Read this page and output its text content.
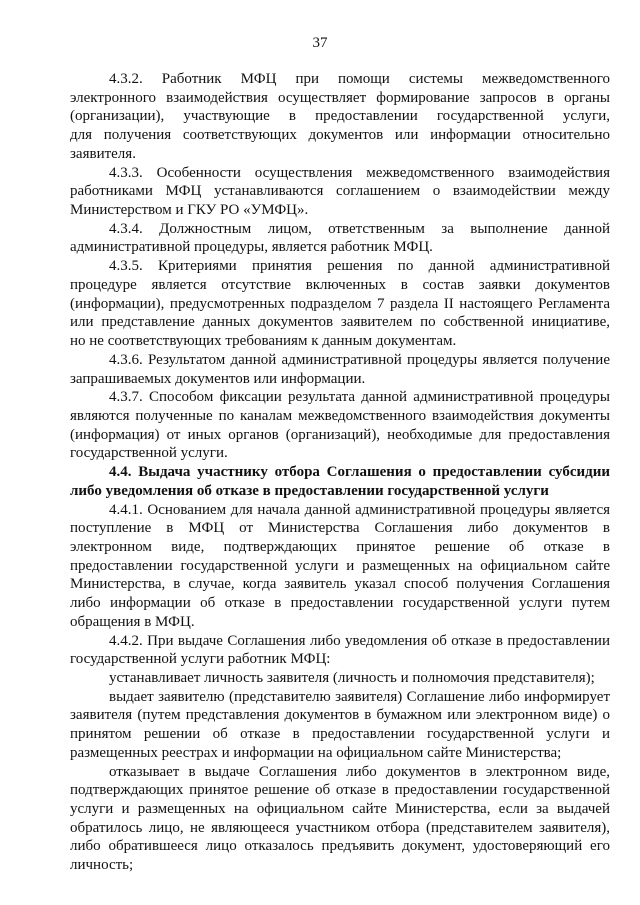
37
4.3.2. Работник МФЦ при помощи системы межведомственного
электронного взаимодействия осуществляет формирование запросов в органы
(организации), участвующие в предоставлении государственной услуги,
для получения соответствующих документов или информации относительно
заявителя.
4.3.3. Особенности осуществления межведомственного взаимодействия
работниками МФЦ устанавливаются соглашением о взаимодействии между
Министерством и ГКУ РО «УМФЦ».
4.3.4. Должностным лицом, ответственным за выполнение данной
административной процедуры, является работник МФЦ.
4.3.5. Критериями принятия решения по данной административной
процедуре является отсутствие включенных в состав заявки документов
(информации), предусмотренных подразделом 7 раздела II настоящего Регламента
или представление данных документов заявителем по собственной инициативе,
но не соответствующих требованиям к данным документам.
4.3.6. Результатом данной административной процедуры является получение
запрашиваемых документов или информации.
4.3.7. Способом фиксации результата данной административной процедуры
являются полученные по каналам межведомственного взаимодействия документы
(информация) от иных органов (организаций), необходимые для предоставления
государственной услуги.
4.4. Выдача участнику отбора Соглашения о предоставлении субсидии
либо уведомления об отказе в предоставлении государственной услуги
4.4.1. Основанием для начала данной административной процедуры является
поступление в МФЦ от Министерства Соглашения либо документов в
электронном виде, подтверждающих принятое решение об отказе в
предоставлении государственной услуги и размещенных на официальном сайте
Министерства, в случае, когда заявитель указал способ получения Соглашения
либо информации об отказе в предоставлении государственной услуги путем
обращения в МФЦ.
4.4.2. При выдаче Соглашения либо уведомления об отказе в предоставлении
государственной услуги работник МФЦ:
устанавливает личность заявителя (личность и полномочия представителя);
выдает заявителю (представителю заявителя) Соглашение либо информирует
заявителя (путем представления документов в бумажном или электронном виде) о
принятом решении об отказе в предоставлении государственной услуги и
размещенных реестрах и информации на официальном сайте Министерства;
отказывает в выдаче Соглашения либо документов в электронном виде,
подтверждающих принятое решение об отказе в предоставлении государственной
услуги и размещенных на официальном сайте Министерства, если за выдачей
обратилось лицо, не являющееся участником отбора (представителем заявителя),
либо обратившееся лицо отказалось предъявить документ, удостоверяющий его
личность;
